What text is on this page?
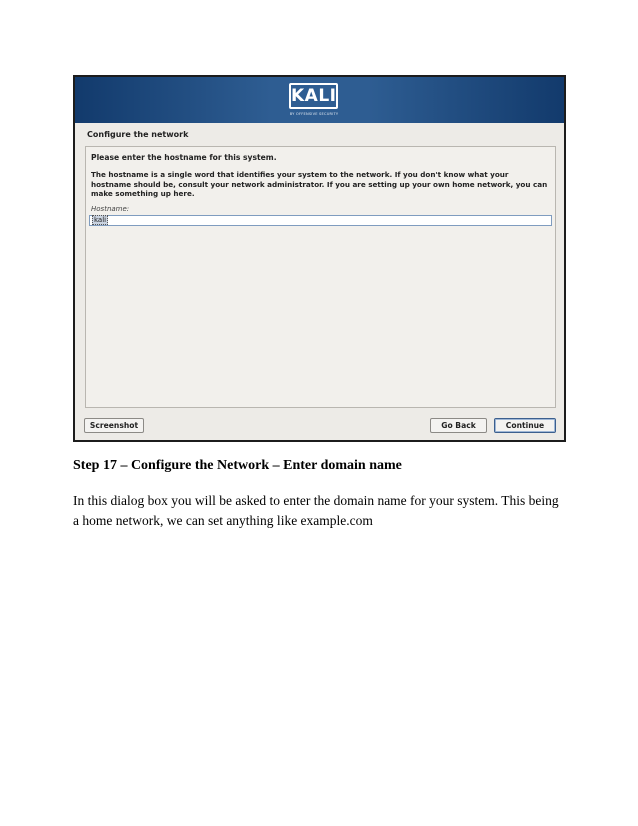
KALI
BY OFFENSIVE SECURITY
Configure the network
Please enter the hostname for this system.
The hostname is a single word that identifies your system to the network. If you don't know what your hostname should be, consult your network administrator. If you are setting up your own home network, you can make something up here.
Hostname:
kali
Screenshot	Go Back	Continue
Step 17 – Configure the Network – Enter domain name
In this dialog box you will be asked to enter the domain name for your system. This being a home network, we can set anything like example.com
